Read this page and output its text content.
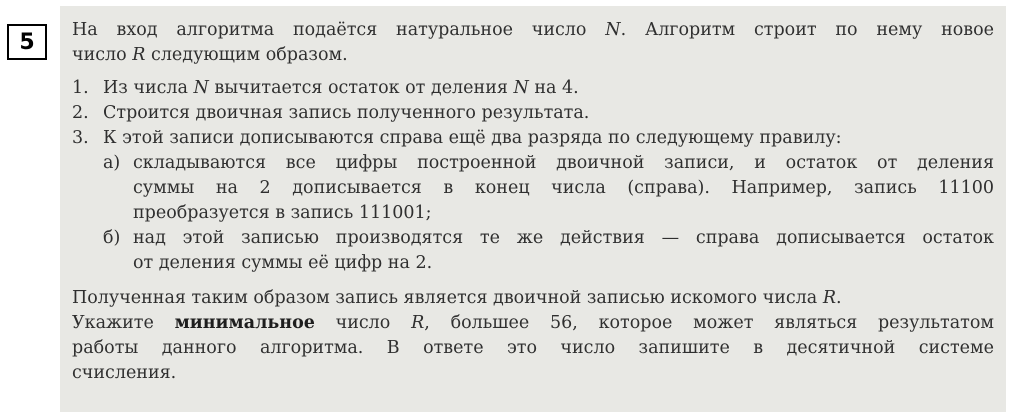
5	На вход алгоритма подаётся натуральное число N. Алгоритм строит по нему новое
число R следующим образом.
1. Из числа N вычитается остаток от деления N на 4.
2. Строится двоичная запись полученного результата.
3. К этой записи дописываются справа ещё два разряда по следующему правилу:
а) складываются все цифры построенной двоичной записи, и остаток от деления
суммы на 2 дописывается в конец числа (справа). Например, запись 11100
преобразуется в запись 111001;
б) над этой записью производятся те же действия — справа дописывается остаток
от деления суммы её цифр на 2.
Полученная таким образом запись является двоичной записью искомого числа R.
Укажите минимальное число R, большее 56, которое может являться результатом
работы данного алгоритма. В ответе это число запишите в десятичной системе
счисления.
